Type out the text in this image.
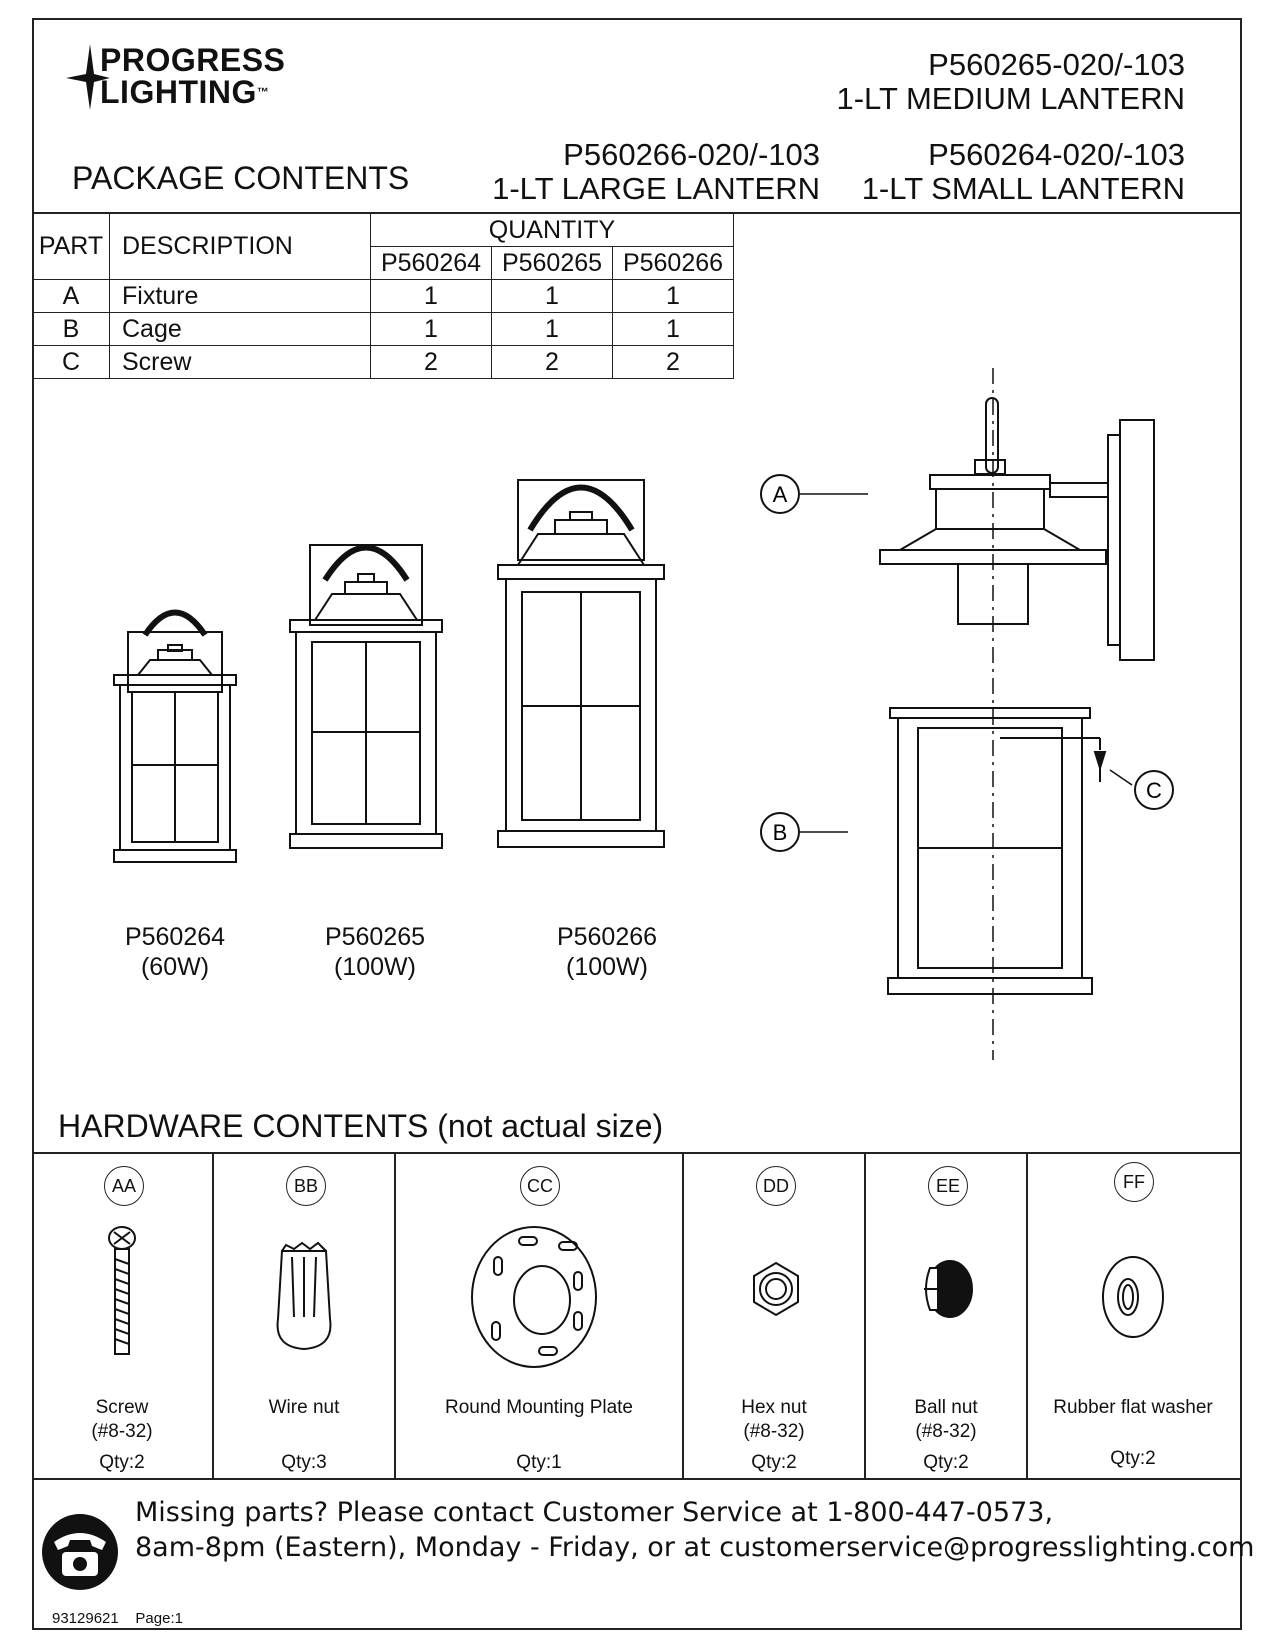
PROGRESS
LIGHTING™
P560265-020/-103
1-LT MEDIUM LANTERN
P560266-020/-103
1-LT LARGE LANTERN
P560264-020/-103
1-LT SMALL LANTERN
PACKAGE CONTENTS
PART	DESCRIPTION	QUANTITY		
		P560264	P560265	P560266
A	Fixture	1	1	1
B	Cage	1	1	1
C	Screw	2	2	2
P560264
(60W)
P560265
(100W)
P560266
(100W)
A
B
C
HARDWARE CONTENTS (not actual size)
AA
Screw
(#8-32)
Qty:2
BB
Wire nut
Qty:3
CC
Round Mounting Plate
Qty:1
DD
Hex nut
(#8-32)
Qty:2
EE
Ball nut
(#8-32)
Qty:2
FF
Rubber flat washer
Qty:2
Missing parts? Please contact Customer Service at 1-800-447-0573,
8am-8pm (Eastern), Monday - Friday, or at customerservice@progresslighting.com
93129621 Page:1
